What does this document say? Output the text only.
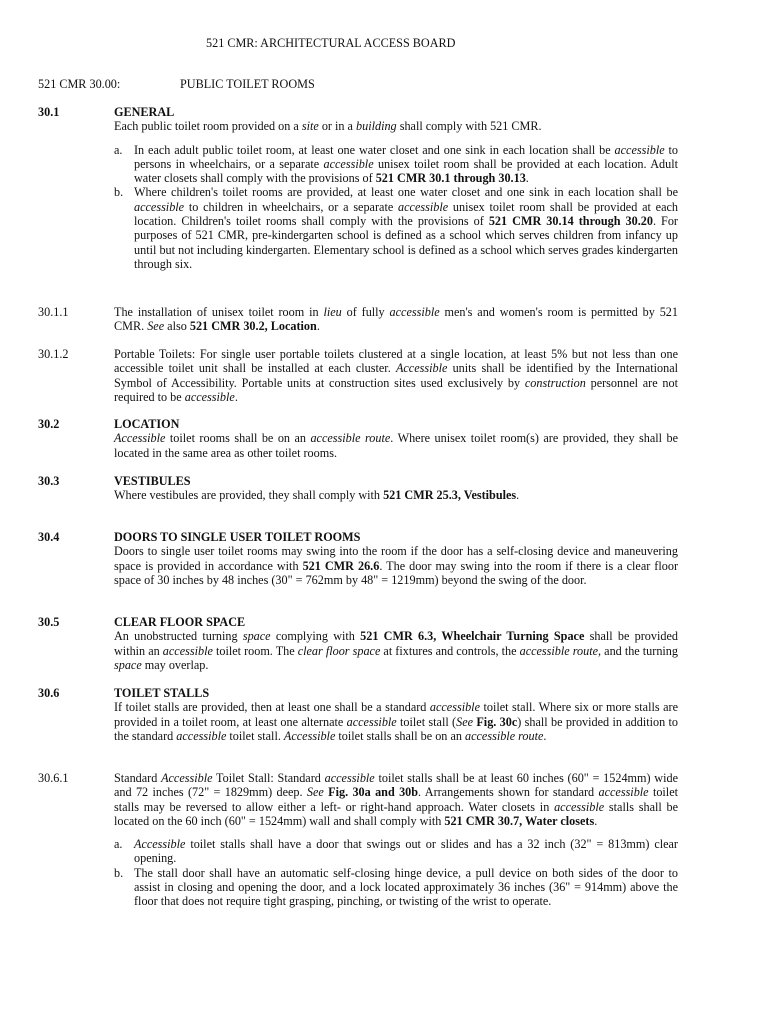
521 CMR: ARCHITECTURAL ACCESS BOARD
521 CMR 30.00:	PUBLIC TOILET ROOMS
30.1	GENERAL
Each public toilet room provided on a site or in a building shall comply with 521 CMR.
a. In each adult public toilet room, at least one water closet and one sink in each location shall be accessible to persons in wheelchairs, or a separate accessible unisex toilet room shall be provided at each location. Adult water closets shall comply with the provisions of 521 CMR 30.1 through 30.13.
b. Where children's toilet rooms are provided, at least one water closet and one sink in each location shall be accessible to children in wheelchairs, or a separate accessible unisex toilet room shall be provided at each location. Children's toilet rooms shall comply with the provisions of 521 CMR 30.14 through 30.20. For purposes of 521 CMR, pre-kindergarten school is defined as a school which serves children from infancy up until but not including kindergarten. Elementary school is defined as a school which serves grades kindergarten through six.
30.1.1	The installation of unisex toilet room in lieu of fully accessible men's and women's room is permitted by 521 CMR. See also 521 CMR 30.2, Location.
30.1.2	Portable Toilets: For single user portable toilets clustered at a single location, at least 5% but not less than one accessible toilet unit shall be installed at each cluster. Accessible units shall be identified by the International Symbol of Accessibility. Portable units at construction sites used exclusively by construction personnel are not required to be accessible.
30.2	LOCATION
Accessible toilet rooms shall be on an accessible route. Where unisex toilet room(s) are provided, they shall be located in the same area as other toilet rooms.
30.3	VESTIBULES
Where vestibules are provided, they shall comply with 521 CMR 25.3, Vestibules.
30.4	DOORS TO SINGLE USER TOILET ROOMS
Doors to single user toilet rooms may swing into the room if the door has a self-closing device and maneuvering space is provided in accordance with 521 CMR 26.6. The door may swing into the room if there is a clear floor space of 30 inches by 48 inches (30" = 762mm by 48" = 1219mm) beyond the swing of the door.
30.5	CLEAR FLOOR SPACE
An unobstructed turning space complying with 521 CMR 6.3, Wheelchair Turning Space shall be provided within an accessible toilet room. The clear floor space at fixtures and controls, the accessible route, and the turning space may overlap.
30.6	TOILET STALLS
If toilet stalls are provided, then at least one shall be a standard accessible toilet stall. Where six or more stalls are provided in a toilet room, at least one alternate accessible toilet stall (See Fig. 30c) shall be provided in addition to the standard accessible toilet stall. Accessible toilet stalls shall be on an accessible route.
30.6.1	Standard Accessible Toilet Stall: Standard accessible toilet stalls shall be at least 60 inches (60" = 1524mm) wide and 72 inches (72" = 1829mm) deep. See Fig. 30a and 30b. Arrangements shown for standard accessible toilet stalls may be reversed to allow either a left- or right-hand approach. Water closets in accessible stalls shall be located on the 60 inch (60" = 1524mm) wall and shall comply with 521 CMR 30.7, Water closets.
a. Accessible toilet stalls shall have a door that swings out or slides and has a 32 inch (32" = 813mm) clear opening.
b. The stall door shall have an automatic self-closing hinge device, a pull device on both sides of the door to assist in closing and opening the door, and a lock located approximately 36 inches (36" = 914mm) above the floor that does not require tight grasping, pinching, or twisting of the wrist to operate.
